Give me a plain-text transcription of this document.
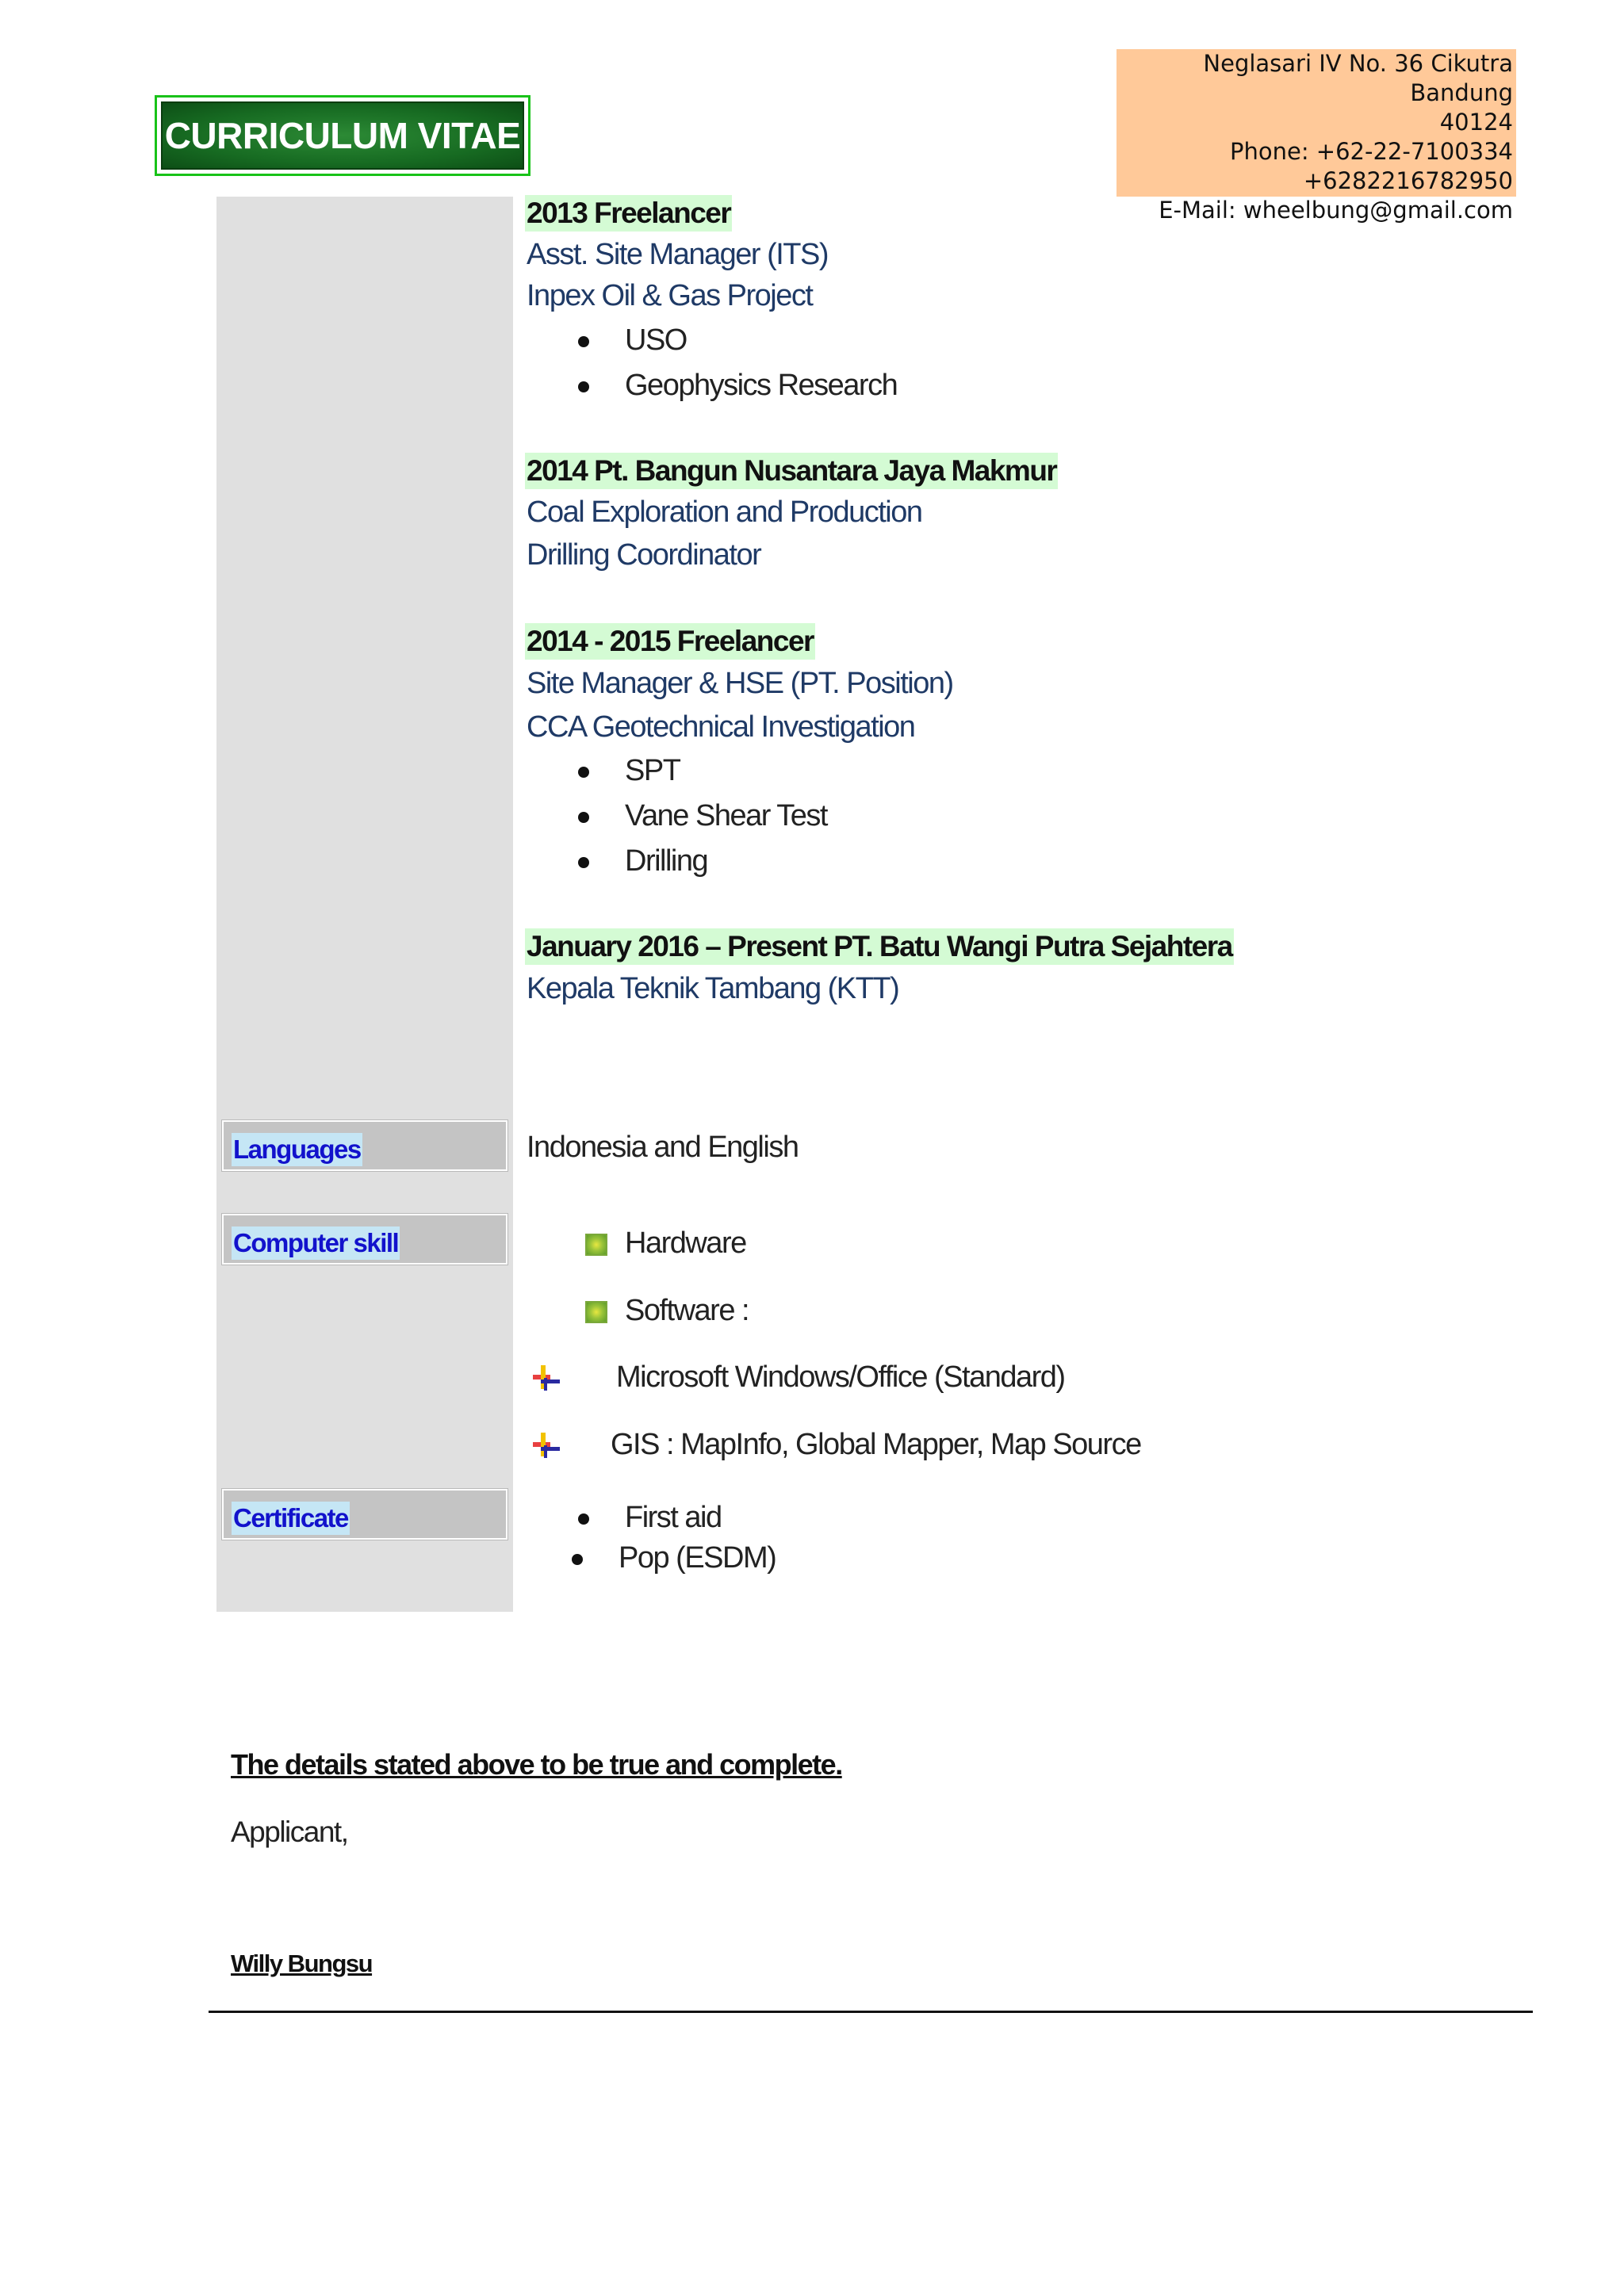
CURRICULUM VITAE
Neglasari IV No. 36 Cikutra Bandung
40124
Phone: +62-22-7100334
+6282216782950
E-Mail: wheelbung@gmail.com
2013 Freelancer
Asst. Site Manager (ITS)
Inpex Oil & Gas Project
USO
Geophysics Research
2014 Pt. Bangun Nusantara Jaya Makmur
Coal Exploration and Production
Drilling Coordinator
2014 - 2015 Freelancer
Site Manager & HSE (PT. Position)
CCA Geotechnical Investigation
SPT
Vane Shear Test
Drilling
January 2016 – Present PT. Batu Wangi Putra Sejahtera
Kepala Teknik Tambang (KTT)
Languages	Indonesia and English
Computer skill	Hardware
Software :
Microsoft Windows/Office (Standard)
GIS : MapInfo, Global Mapper, Map Source
Certificate	First aid
Pop (ESDM)
The details stated above to be true and complete.
Applicant,
Willy Bungsu
